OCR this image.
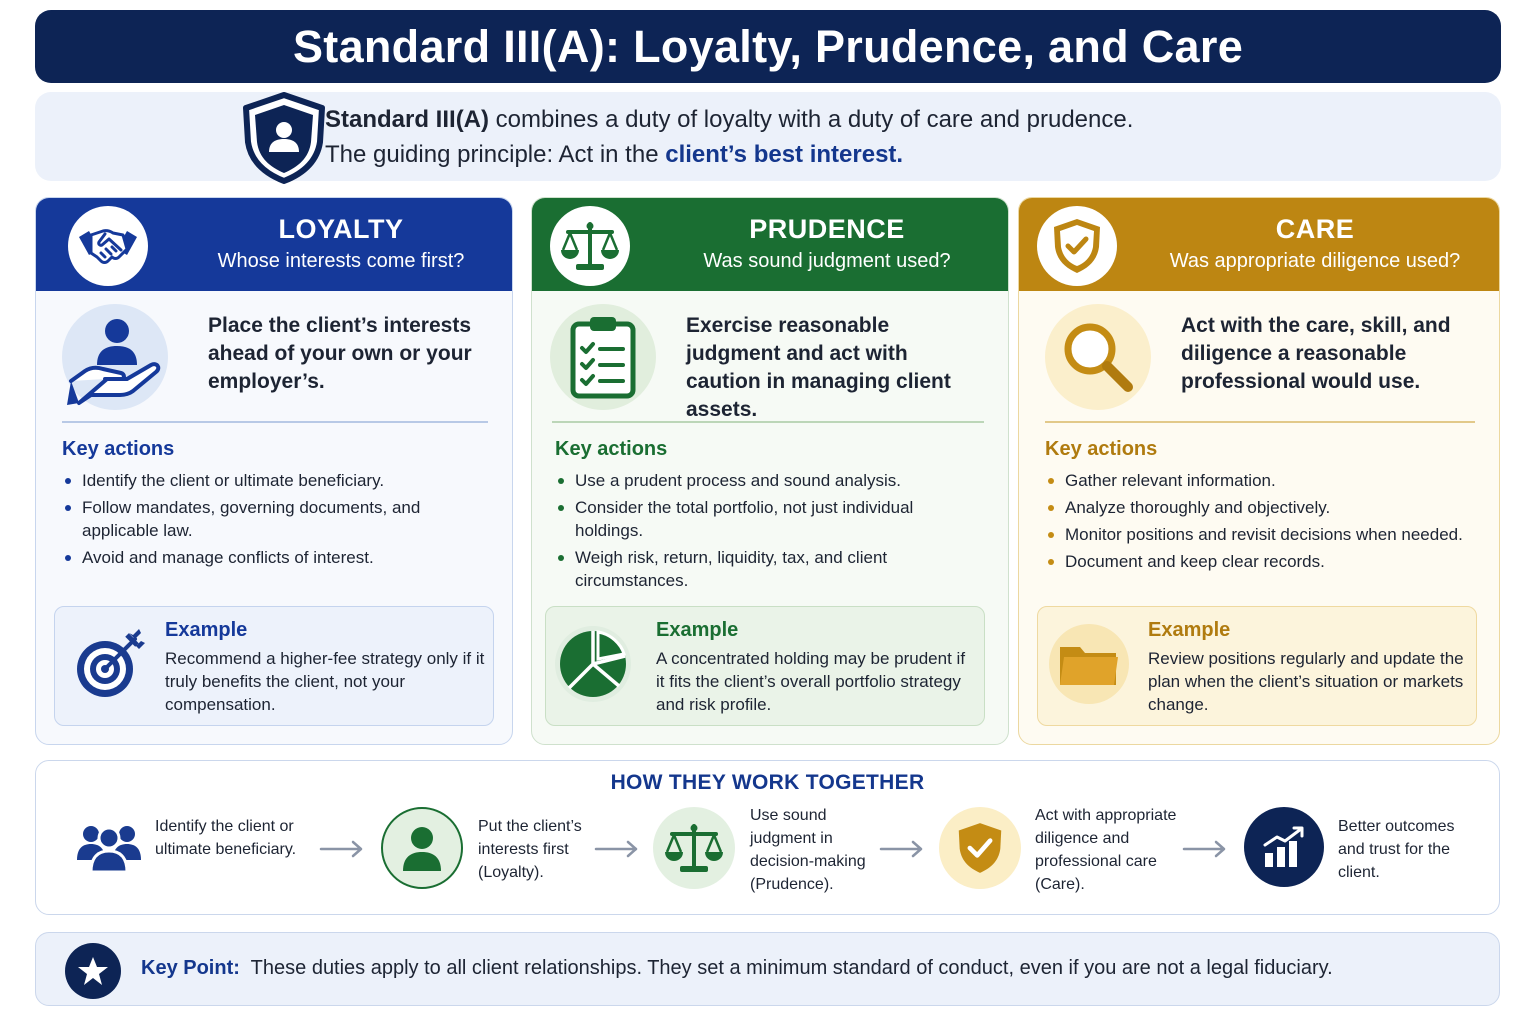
Standard III(A): Loyalty, Prudence, and Care
Standard III(A) combines a duty of loyalty with a duty of care and prudence.
The guiding principle: Act in the client’s best interest.
LOYALTY
Whose interests come first?
Place the client’s interests ahead of your own or your employer’s.
Key actions
Identify the client or ultimate beneficiary.
Follow mandates, governing documents, and applicable law.
Avoid and manage conflicts of interest.
Example
Recommend a higher-fee strategy only if it truly benefits the client, not your compensation.
PRUDENCE
Was sound judgment used?
Exercise reasonable judgment and act with caution in managing client assets.
Key actions
Use a prudent process and sound analysis.
Consider the total portfolio, not just individual holdings.
Weigh risk, return, liquidity, tax, and client circumstances.
Example
A concentrated holding may be prudent if it fits the client’s overall portfolio strategy and risk profile.
CARE
Was appropriate diligence used?
Act with the care, skill, and diligence a reasonable professional would use.
Key actions
Gather relevant information.
Analyze thoroughly and objectively.
Monitor positions and revisit decisions when needed.
Document and keep clear records.
Example
Review positions regularly and update the plan when the client’s situation or markets change.
HOW THEY WORK TOGETHER
Identify the client or ultimate beneficiary.
Put the client’s interests first (Loyalty).
Use sound judgment in decision-making (Prudence).
Act with appropriate diligence and professional care (Care).
Better outcomes and trust for the client.
Key Point: These duties apply to all client relationships. They set a minimum standard of conduct, even if you are not a legal fiduciary.
